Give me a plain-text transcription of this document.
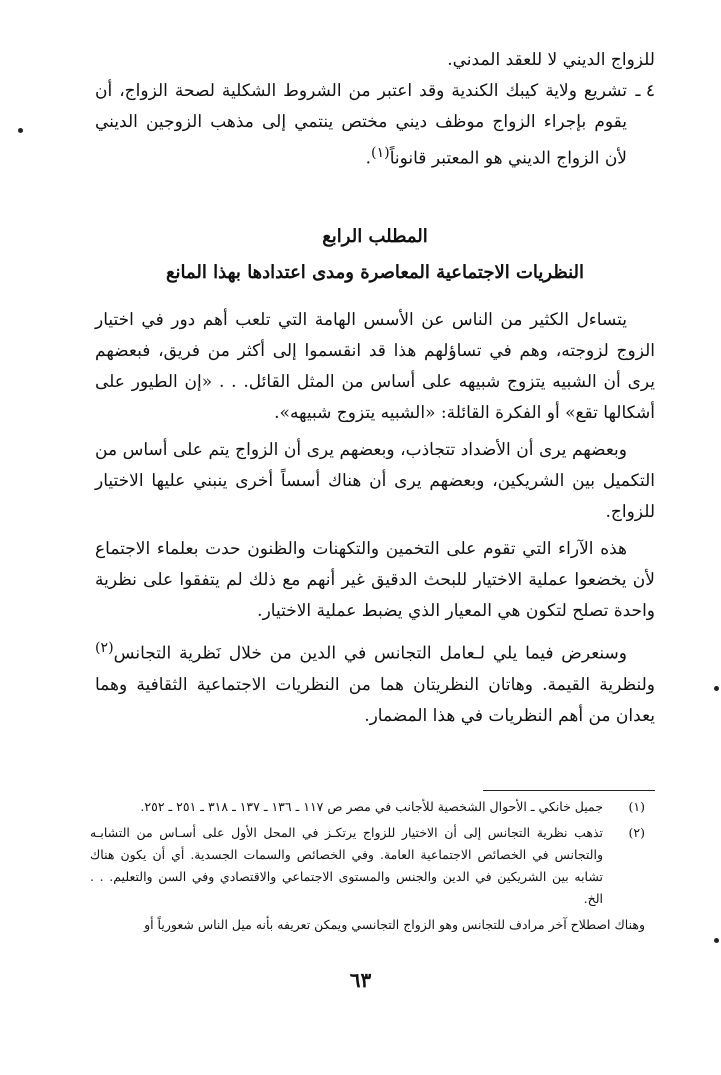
للزواج الديني لا للعقد المدني.

٤ ـ
تشريع ولاية كيبك الكندية وقد اعتبر من الشروط الشكلية لصحة الزواج، أن يقوم بإجراء الزواج موظف ديني مختص ينتمي إلى مذهب الزوجين الديني لأن الزواج الديني هو المعتبر قانوناً$^{(١)}$.

المطلب الرابع
النظريات الاجتماعية المعاصرة ومدى اعتدادها بهذا المانع

يتساءل الكثير من الناس عن الأسس الهامة التي تلعب أهم دور في اختيار الزوج لزوجته، وهم في تساؤلهم هذا قد انقسموا إلى أكثر من فريق، فبعضهم يرى أن الشبيه يتزوج شبيهه على أساس من المثل القائل. . . «إن الطيور على أشكالها تقع» أو الفكرة القائلة: «الشبيه يتزوج شبيهه».

وبعضهم يرى أن الأضداد تتجاذب، وبعضهم يرى أن الزواج يتم على أساس من التكميل بين الشريكين، وبعضهم يرى أن هناك أسساً أخرى ينبني عليها الاختيار للزواج.

هذه الآراء التي تقوم على التخمين والتكهنات والظنون حدت بعلماء الاجتماع لأن يخضعوا عملية الاختيار للبحث الدقيق غير أنهم مع ذلك لم يتفقوا على نظرية واحدة تصلح لتكون هي المعيار الذي يضبط عملية الاختيار.

وسنعرض فيما يلي لـعامل التجانس في الدين من خلال نَظرية التجانس$^{(٢)}$ ولنظرية القيمة. وهاتان النظريتان هما من النظريات الاجتماعية الثقافية وهما يعدان من أهم النظريات في هذا المضمار.

(١)
جميل خانكي ـ الأحوال الشخصية للأجانب في مصر ص ١١٧ ـ ١٣٦ ـ ١٣٧ ـ ٣١٨ ـ ٢٥١ ـ ٢٥٢.

(٢)
تذهب نظرية التجانس إلى أن الاختيار للزواج يرتكـز في المحل الأول على أسـاس من التشابـه والتجانس في الخصائص الاجتماعية العامة. وفي الخصائص والسمات الجسدية. أي أن يكون هناك تشابه بين الشريكين في الدين والجنس والمستوى الاجتماعي والاقتصادي وفي السن والتعليم. . . الخ.

وهناك اصطلاح آخر مرادف للتجانس وهو الزواج التجانسي ويمكن تعريفه بأنه ميل الناس شعورياً أو

٦٣
